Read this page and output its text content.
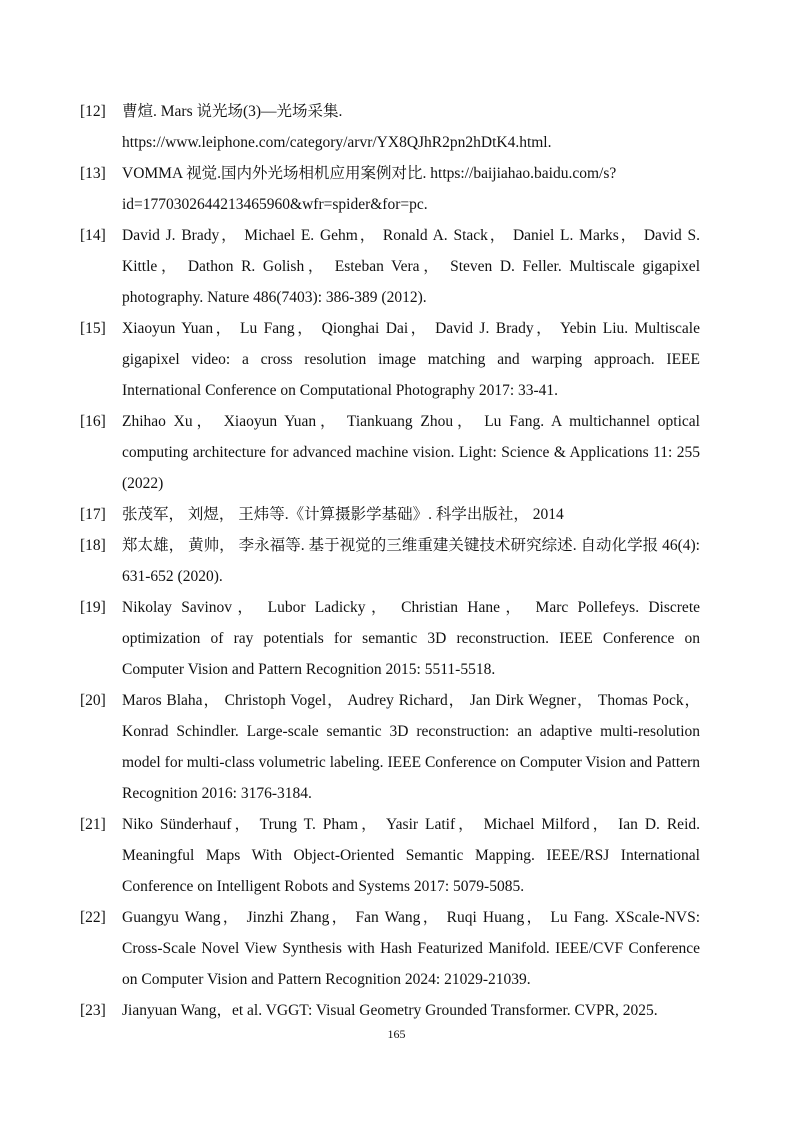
[12]	曹煊. Mars 说光场(3)—光场采集. https://www.leiphone.com/category/arvr/YX8QJhR2pn2hDtK4.html.
[13]	VOMMA 视觉.国内外光场相机应用案例对比. https://baijiahao.baidu.com/s?id=1770302644213465960&wfr=spider&for=pc.
[14]	David J. Brady， Michael E. Gehm， Ronald A. Stack， Daniel L. Marks， David S. Kittle， Dathon R. Golish， Esteban Vera， Steven D. Feller. Multiscale gigapixel photography. Nature 486(7403): 386-389 (2012).
[15]	Xiaoyun Yuan， Lu Fang， Qionghai Dai， David J. Brady， Yebin Liu. Multiscale gigapixel video: a cross resolution image matching and warping approach. IEEE International Conference on Computational Photography 2017: 33-41.
[16]	Zhihao Xu， Xiaoyun Yuan， Tiankuang Zhou， Lu Fang. A multichannel optical computing architecture for advanced machine vision. Light: Science & Applications 11: 255 (2022)
[17]	张茂军， 刘煜， 王炜等.《计算摄影学基础》. 科学出版社， 2014
[18]	郑太雄， 黄帅， 李永福等. 基于视觉的三维重建关键技术研究综述. 自动化学报 46(4): 631-652 (2020).
[19]	Nikolay Savinov， Lubor Ladicky， Christian Hane， Marc Pollefeys. Discrete optimization of ray potentials for semantic 3D reconstruction. IEEE Conference on Computer Vision and Pattern Recognition 2015: 5511-5518.
[20]	Maros Blaha， Christoph Vogel， Audrey Richard， Jan Dirk Wegner， Thomas Pock， Konrad Schindler. Large-scale semantic 3D reconstruction: an adaptive multi-resolution model for multi-class volumetric labeling. IEEE Conference on Computer Vision and Pattern Recognition 2016: 3176-3184.
[21]	Niko Sünderhauf， Trung T. Pham， Yasir Latif， Michael Milford， Ian D. Reid. Meaningful Maps With Object-Oriented Semantic Mapping. IEEE/RSJ International Conference on Intelligent Robots and Systems 2017: 5079-5085.
[22]	Guangyu Wang， Jinzhi Zhang， Fan Wang， Ruqi Huang， Lu Fang. XScale-NVS: Cross-Scale Novel View Synthesis with Hash Featurized Manifold. IEEE/CVF Conference on Computer Vision and Pattern Recognition 2024: 21029-21039.
[23]	Jianyuan Wang，et al. VGGT: Visual Geometry Grounded Transformer. CVPR, 2025.
165
